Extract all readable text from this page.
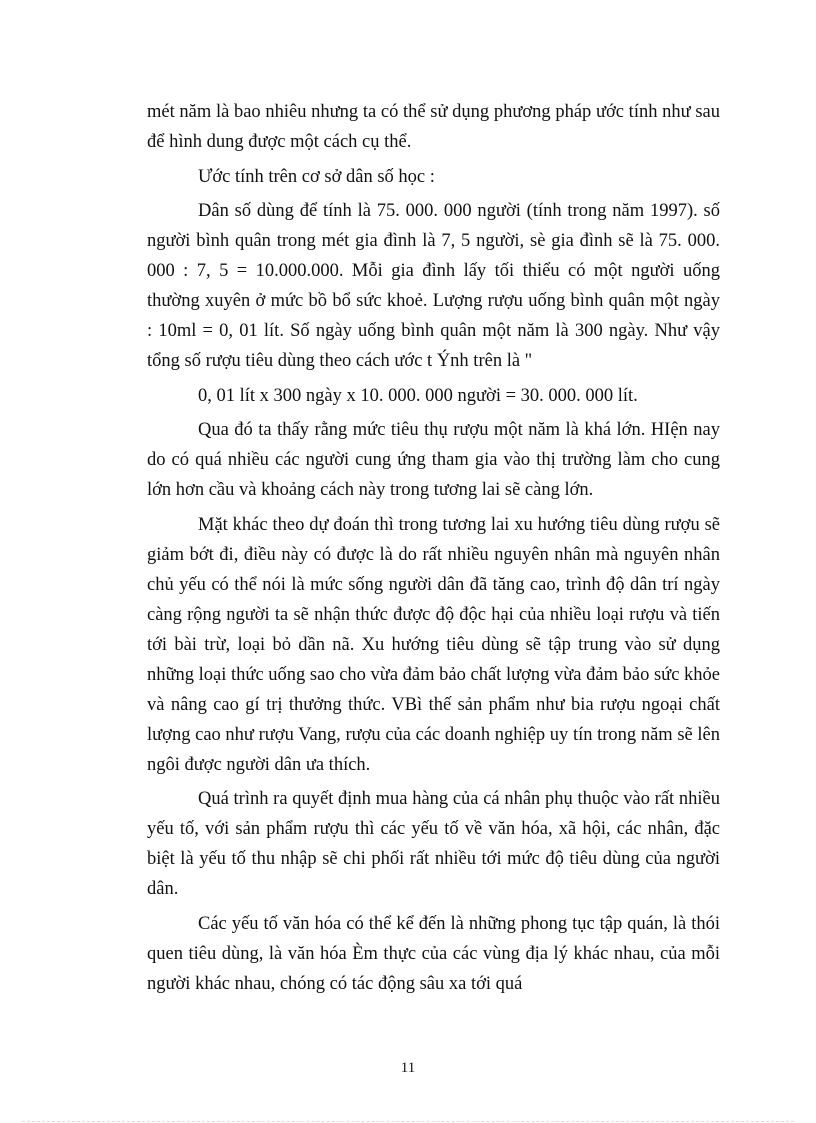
mét năm là bao nhiêu nhưng ta có thể sử dụng phương pháp ước tính như sau để hình dung được một cách cụ thể.

Ước tính trên cơ sở dân số học :

Dân số dùng để tính là 75. 000. 000 người (tính trong năm 1997). số người bình quân trong mét gia đình là 7, 5 người, sè gia đình sẽ là 75. 000. 000 : 7, 5 = 10.000.000. Mỗi gia đình lấy tối thiểu có một người uống thường xuyên ở mức bồ bổ sức khoẻ. Lượng rượu uống bình quân một ngày : 10ml = 0, 01 lít. Số ngày uống bình quân một năm là 300 ngày. Như vậy tổng số rượu tiêu dùng theo cách ước t Ýnh trên là "

0, 01 lít x 300 ngày x 10. 000. 000 người = 30. 000. 000 lít.

Qua đó ta thấy rằng mức tiêu thụ rượu một năm là khá lớn. HIện nay do có quá nhiều các người cung ứng tham gia vào thị trường làm cho cung lớn hơn cầu và khoảng cách này trong tương lai sẽ càng lớn.

Mặt khác theo dự đoán thì trong tương lai xu hướng tiêu dùng rượu sẽ giảm bớt đi, điều này có được là do rất nhiều nguyên nhân mà nguyên nhân chủ yếu có thể nói là mức sống người dân đã tăng cao, trình độ dân trí ngày càng rộng người ta sẽ nhận thức được độ độc hại của nhiều loại rượu và tiến tới bài trừ, loại bỏ dần nã. Xu hướng tiêu dùng sẽ tập trung vào sử dụng những loại thức uống sao cho vừa đảm bảo chất lượng vừa đảm bảo sức khỏe và nâng cao gí trị thưởng thức. VBì thế sản phẩm như bia rượu ngoại chất lượng cao như rượu Vang, rượu của các doanh nghiệp uy tín trong năm sẽ lên ngôi được người dân ưa thích.

Quá trình ra quyết định mua hàng của cá nhân phụ thuộc vào rất nhiều yếu tố, với sản phẩm rượu thì các yếu tố về văn hóa, xã hội, các nhân, đặc biệt là yếu tố thu nhập sẽ chi phối rất nhiều tới mức độ tiêu dùng của người dân.

Các yếu tố văn hóa có thể kể đến là những phong tục tập quán, là thói quen tiêu dùng, là văn hóa Èm thực của các vùng địa lý khác nhau, của mỗi người khác nhau, chóng có tác động sâu xa tới quá

11
